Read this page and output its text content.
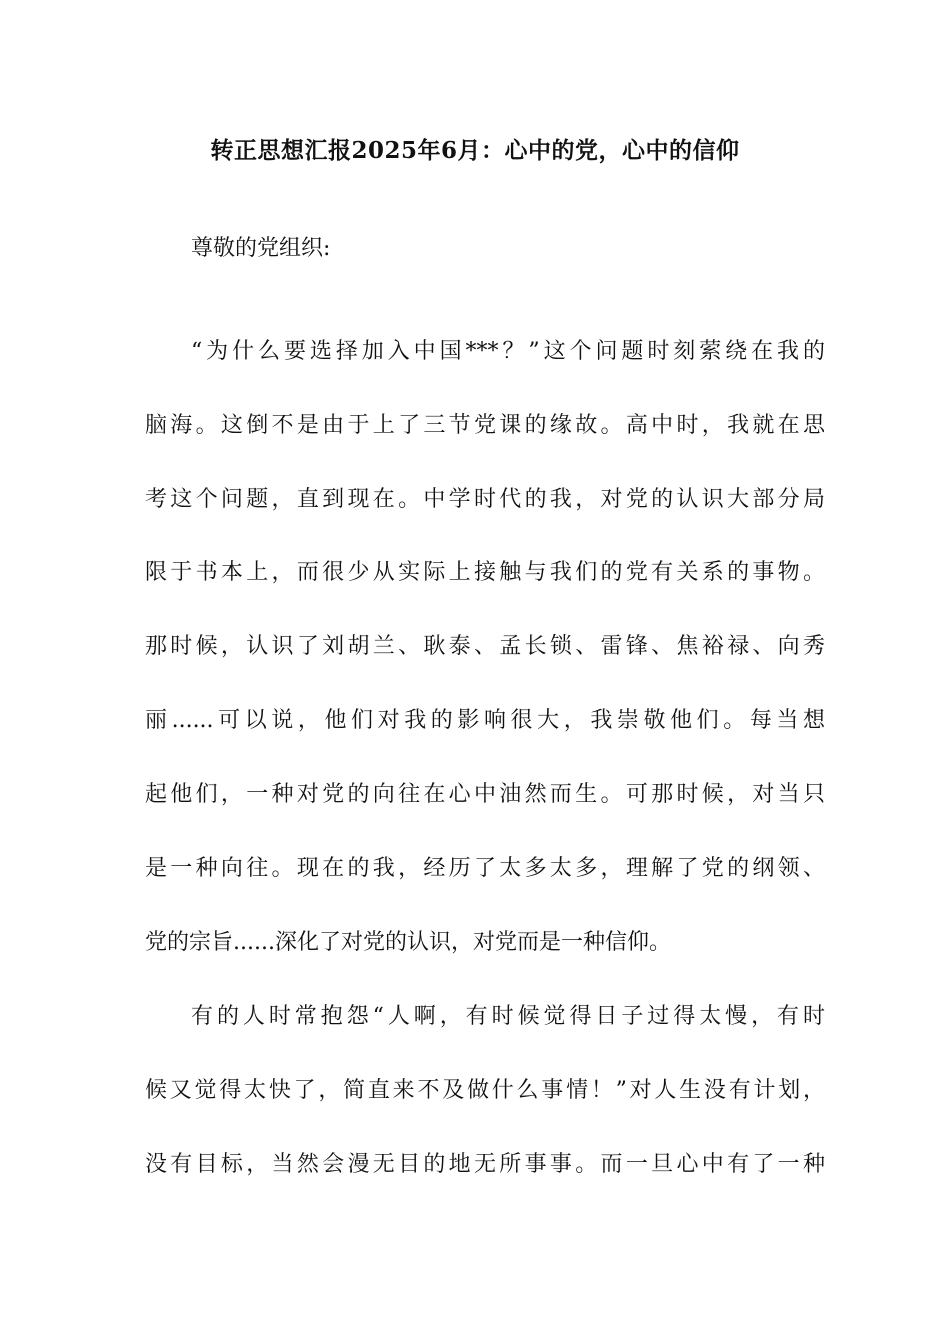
转正思想汇报2025年6月：心中的党，心中的信仰
尊敬的党组织:
“为什么要选择加入中国***？”这个问题时刻萦绕在我的
脑海。这倒不是由于上了三节党课的缘故。高中时，我就在思
考这个问题，直到现在。中学时代的我，对党的认识大部分局
限于书本上，而很少从实际上接触与我们的党有关系的事物。
那时候，认识了刘胡兰、耿泰、孟长锁、雷锋、焦裕禄、向秀
丽......可以说，他们对我的影响很大，我崇敬他们。每当想
起他们，一种对党的向往在心中油然而生。可那时候，对当只
是一种向往。现在的我，经历了太多太多，理解了党的纲领、
党的宗旨......深化了对党的认识，对党而是一种信仰。
有的人时常抱怨“人啊，有时候觉得日子过得太慢，有时
候又觉得太快了，简直来不及做什么事情！”对人生没有计划，
没有目标，当然会漫无目的地无所事事。而一旦心中有了一种
